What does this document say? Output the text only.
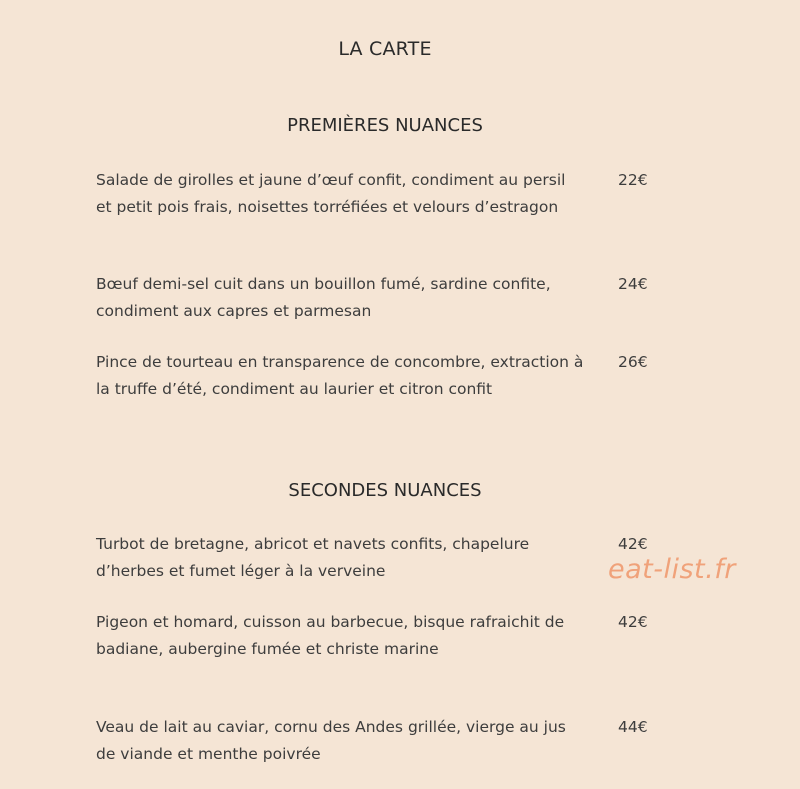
LA CARTE
PREMIÈRES NUANCES
Salade de girolles et jaune d’œuf confit, condiment au persil et petit pois frais, noisettes torréfiées et velours d’estragon
22€
Bœuf demi-sel cuit dans un bouillon fumé, sardine confite, condiment aux capres et parmesan
24€
Pince de tourteau en transparence de concombre, extraction à la truffe d’été, condiment au laurier et citron confit
26€
SECONDES NUANCES
Turbot de bretagne, abricot et navets confits, chapelure d’herbes et fumet léger à la verveine
42€
Pigeon et homard, cuisson au barbecue, bisque rafraichit de badiane, aubergine fumée et christe marine
42€
Veau de lait au caviar, cornu des Andes grillée, vierge au jus de viande et menthe poivrée
44€
eat-list.fr
